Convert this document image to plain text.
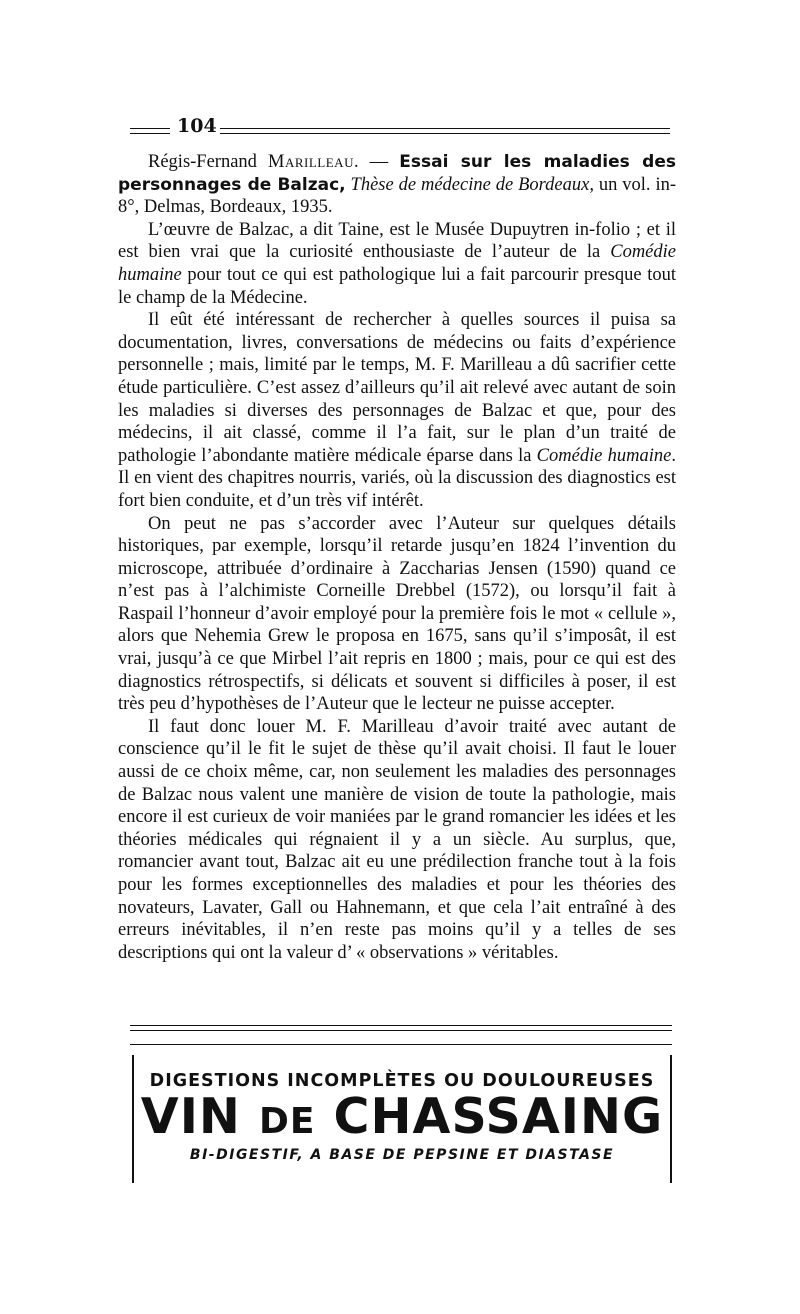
104

Régis-Fernand Marilleau. — Essai sur les maladies des personnages de Balzac, Thèse de médecine de Bordeaux, un vol. in-8°, Delmas, Bordeaux, 1935.

L’œuvre de Balzac, a dit Taine, est le Musée Dupuytren in-folio ; et il est bien vrai que la curiosité enthousiaste de l’auteur de la Comédie humaine pour tout ce qui est pathologique lui a fait parcourir presque tout le champ de la Médecine.

Il eût été intéressant de rechercher à quelles sources il puisa sa documentation, livres, conversations de médecins ou faits d’expérience personnelle ; mais, limité par le temps, M. F. Marilleau a dû sacrifier cette étude particulière. C’est assez d’ailleurs qu’il ait relevé avec autant de soin les maladies si diverses des personnages de Balzac et que, pour des médecins, il ait classé, comme il l’a fait, sur le plan d’un traité de pathologie l’abondante matière médicale éparse dans la Comédie humaine. Il en vient des chapitres nourris, variés, où la discussion des diagnostics est fort bien conduite, et d’un très vif intérêt.

On peut ne pas s’accorder avec l’Auteur sur quelques détails historiques, par exemple, lorsqu’il retarde jusqu’en 1824 l’invention du microscope, attribuée d’ordinaire à Zaccharias Jensen (1590) quand ce n’est pas à l’alchimiste Corneille Drebbel (1572), ou lorsqu’il fait à Raspail l’honneur d’avoir employé pour la première fois le mot « cellule », alors que Nehemia Grew le proposa en 1675, sans qu’il s’imposât, il est vrai, jusqu’à ce que Mirbel l’ait repris en 1800 ; mais, pour ce qui est des diagnostics rétrospectifs, si délicats et souvent si difficiles à poser, il est très peu d’hypothèses de l’Auteur que le lecteur ne puisse accepter.

Il faut donc louer M. F. Marilleau d’avoir traité avec autant de conscience qu’il le fit le sujet de thèse qu’il avait choisi. Il faut le louer aussi de ce choix même, car, non seulement les maladies des personnages de Balzac nous valent une manière de vision de toute la pathologie, mais encore il est curieux de voir maniées par le grand romancier les idées et les théories médicales qui régnaient il y a un siècle. Au surplus, que, romancier avant tout, Balzac ait eu une prédilection franche tout à la fois pour les formes exceptionnelles des maladies et pour les théories des novateurs, Lavater, Gall ou Hahnemann, et que cela l’ait entraîné à des erreurs inévitables, il n’en reste pas moins qu’il y a telles de ses descriptions qui ont la valeur d’ « observations » véritables.

DIGESTIONS INCOMPLÈTES OU DOULOUREUSES
VIN DE CHASSAING
BI-DIGESTIF, A BASE DE PEPSINE ET DIASTASE
